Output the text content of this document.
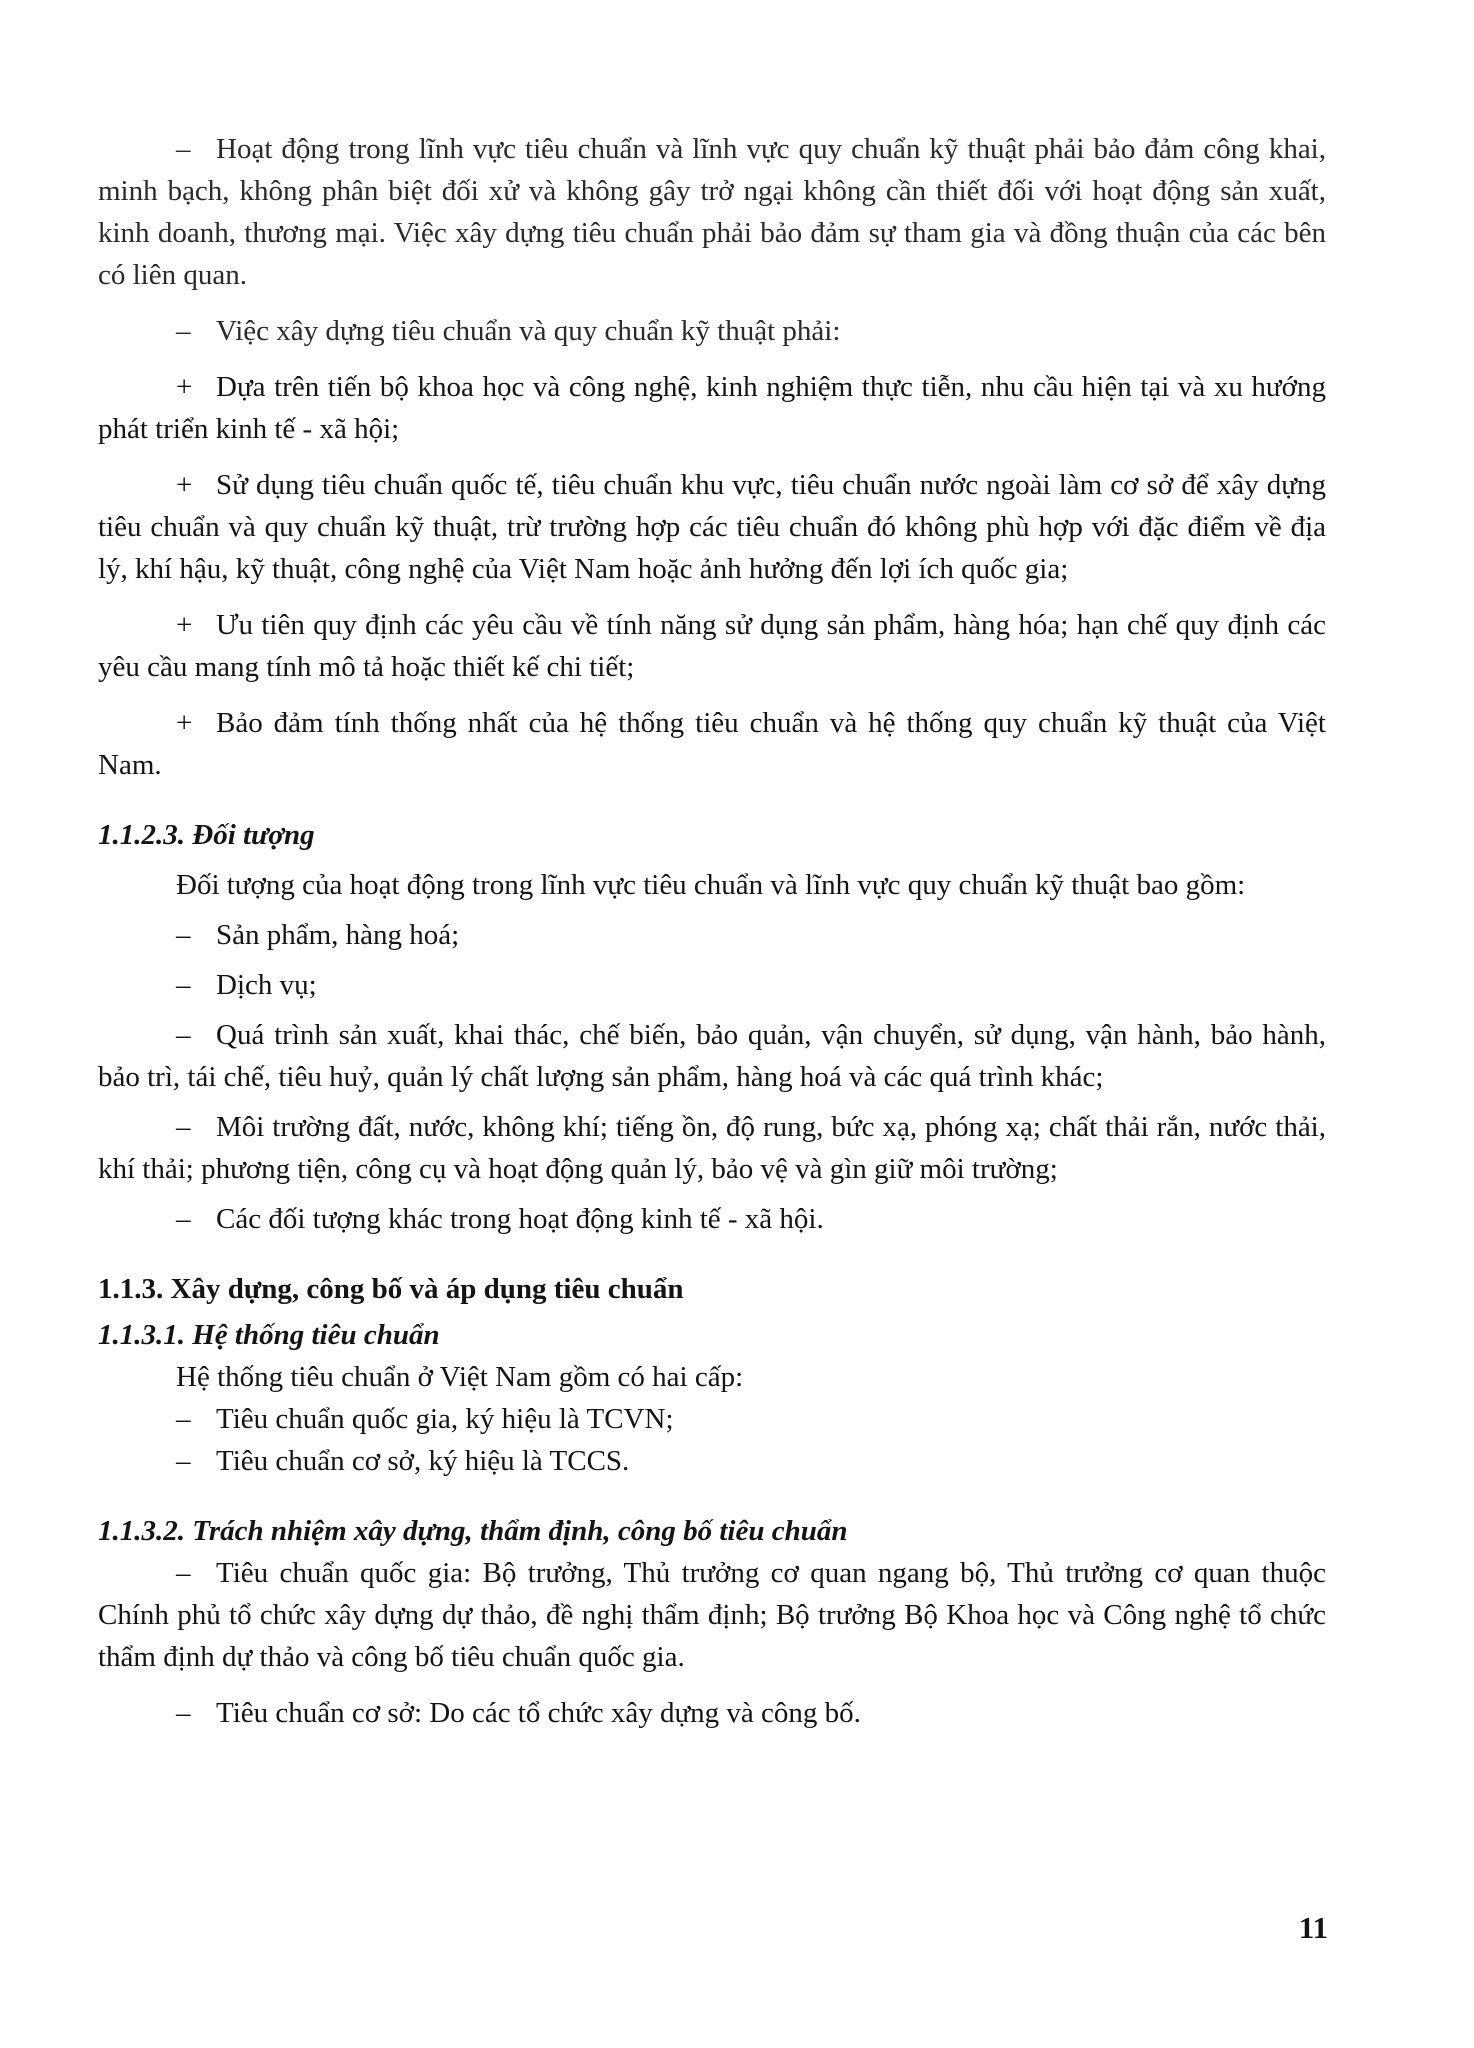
– Hoạt động trong lĩnh vực tiêu chuẩn và lĩnh vực quy chuẩn kỹ thuật phải bảo đảm công khai, minh bạch, không phân biệt đối xử và không gây trở ngại không cần thiết đối với hoạt động sản xuất, kinh doanh, thương mại. Việc xây dựng tiêu chuẩn phải bảo đảm sự tham gia và đồng thuận của các bên có liên quan.

– Việc xây dựng tiêu chuẩn và quy chuẩn kỹ thuật phải:

+ Dựa trên tiến bộ khoa học và công nghệ, kinh nghiệm thực tiễn, nhu cầu hiện tại và xu hướng phát triển kinh tế - xã hội;

+ Sử dụng tiêu chuẩn quốc tế, tiêu chuẩn khu vực, tiêu chuẩn nước ngoài làm cơ sở để xây dựng tiêu chuẩn và quy chuẩn kỹ thuật, trừ trường hợp các tiêu chuẩn đó không phù hợp với đặc điểm về địa lý, khí hậu, kỹ thuật, công nghệ của Việt Nam hoặc ảnh hưởng đến lợi ích quốc gia;

+ Ưu tiên quy định các yêu cầu về tính năng sử dụng sản phẩm, hàng hóa; hạn chế quy định các yêu cầu mang tính mô tả hoặc thiết kế chi tiết;

+ Bảo đảm tính thống nhất của hệ thống tiêu chuẩn và hệ thống quy chuẩn kỹ thuật của Việt Nam.

1.1.2.3. Đối tượng

Đối tượng của hoạt động trong lĩnh vực tiêu chuẩn và lĩnh vực quy chuẩn kỹ thuật bao gồm:

– Sản phẩm, hàng hoá;

– Dịch vụ;

– Quá trình sản xuất, khai thác, chế biến, bảo quản, vận chuyển, sử dụng, vận hành, bảo hành, bảo trì, tái chế, tiêu huỷ, quản lý chất lượng sản phẩm, hàng hoá và các quá trình khác;

– Môi trường đất, nước, không khí; tiếng ồn, độ rung, bức xạ, phóng xạ; chất thải rắn, nước thải, khí thải; phương tiện, công cụ và hoạt động quản lý, bảo vệ và gìn giữ môi trường;

– Các đối tượng khác trong hoạt động kinh tế - xã hội.

1.1.3. Xây dựng, công bố và áp dụng tiêu chuẩn
1.1.3.1. Hệ thống tiêu chuẩn

Hệ thống tiêu chuẩn ở Việt Nam gồm có hai cấp:

– Tiêu chuẩn quốc gia, ký hiệu là TCVN;

– Tiêu chuẩn cơ sở, ký hiệu là TCCS.

1.1.3.2. Trách nhiệm xây dựng, thẩm định, công bố tiêu chuẩn

– Tiêu chuẩn quốc gia: Bộ trưởng, Thủ trưởng cơ quan ngang bộ, Thủ trưởng cơ quan thuộc Chính phủ tổ chức xây dựng dự thảo, đề nghị thẩm định; Bộ trưởng Bộ Khoa học và Công nghệ tổ chức thẩm định dự thảo và công bố tiêu chuẩn quốc gia.

– Tiêu chuẩn cơ sở: Do các tổ chức xây dựng và công bố.

11
